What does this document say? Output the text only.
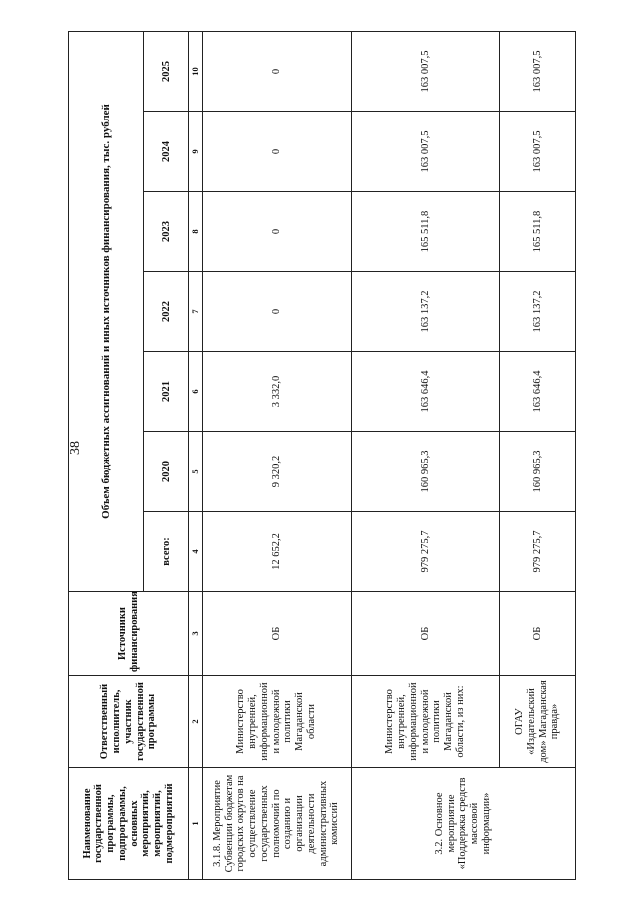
38
Наименование государственной программы, подпрограммы, основных мероприятий, мероприятий, подмероприятий	Ответственный исполнитель, участник государственной программы	Источники финансирования	Объем бюджетных ассигнований и иных источников финансирования, тыс. рублей						
			всего:	2020	2021	2022	2023	2024	2025
1	2	3	4	5	6	7	8	9	10
3.1.8. Мероприятие Субвенции бюджетам городских округов на осуществление государственных полномочий по созданию и организации деятельности административных комиссий	Министерство внутренней, информационной и молодежной политики Магаданской области	ОБ	12 652,2	9 320,2	3 332,0	0	0	0	0
3.2. Основное мероприятие «Поддержка средств массовой информации»	Министерство внутренней, информационной и молодежной политики Магаданской области, из них:	ОБ	979 275,7	160 965,3	163 646,4	163 137,2	165 511,8	163 007,5	163 007,5
	ОГАУ «Издательский дом» Магаданская правда»	ОБ	979 275,7	160 965,3	163 646,4	163 137,2	165 511,8	163 007,5	163 007,5
